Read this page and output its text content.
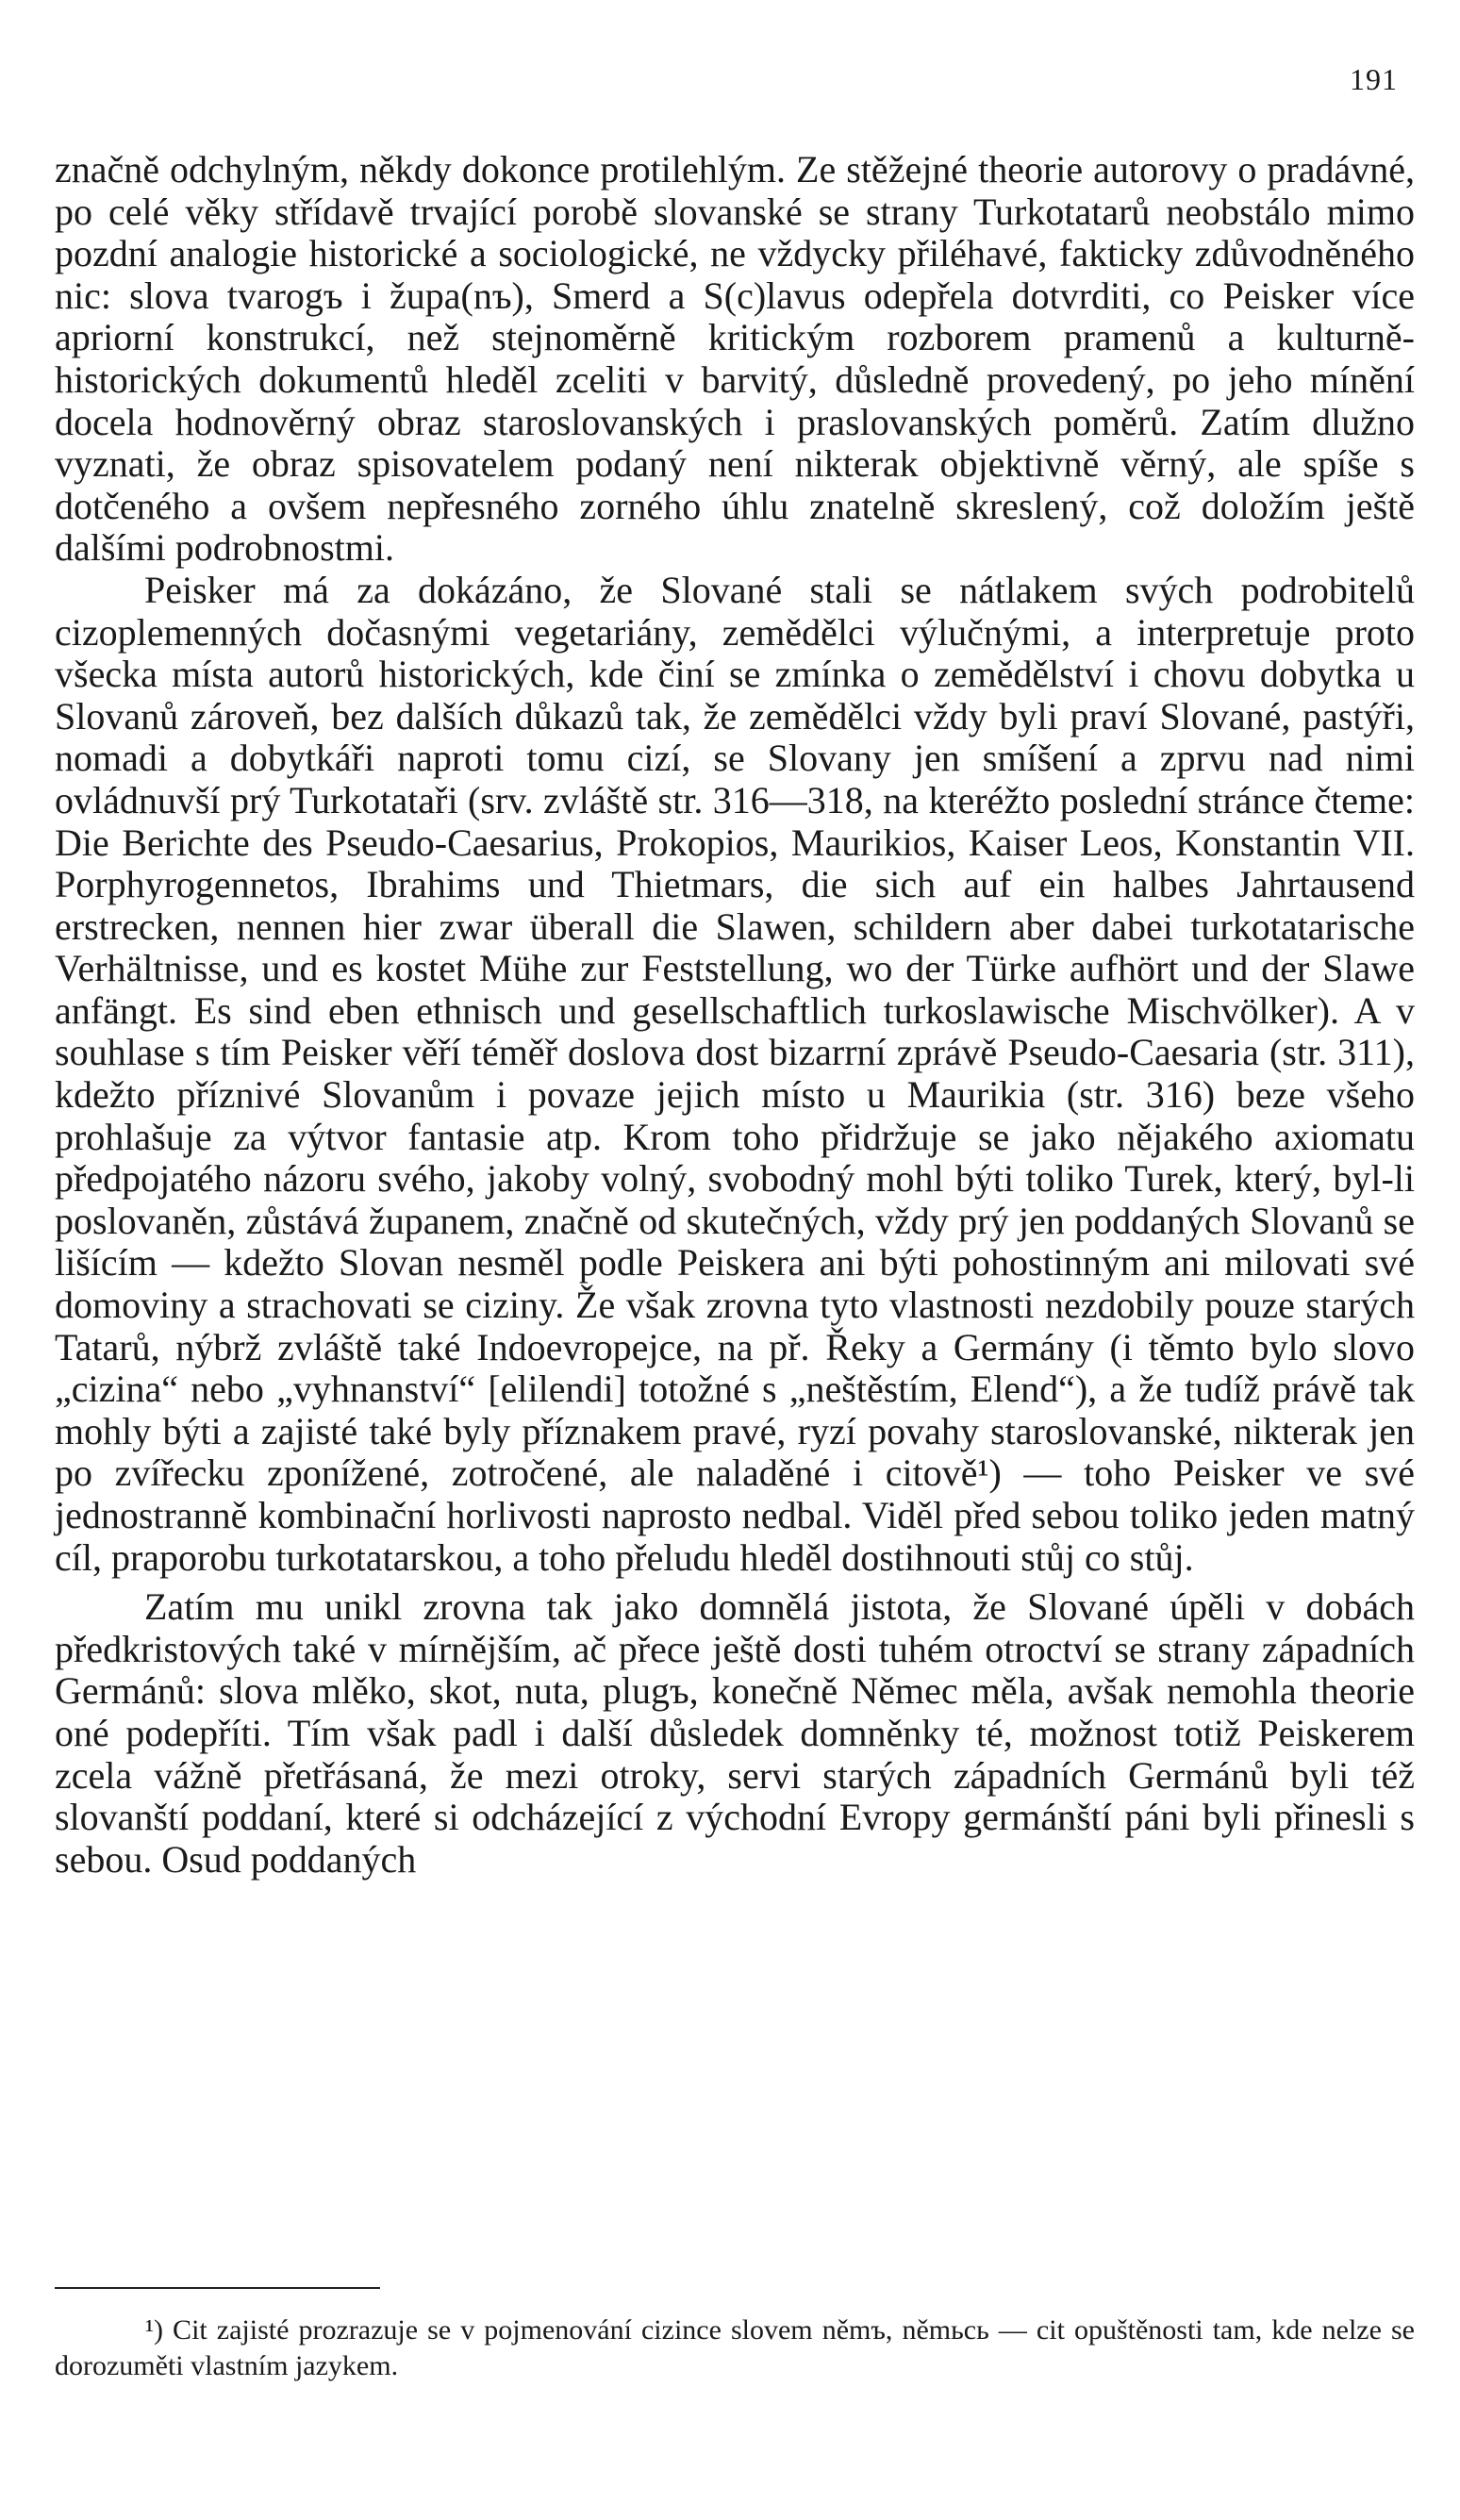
191

značně odchylným, někdy dokonce protilehlým. Ze stěžejné theorie autorovy o pradávné, po celé věky střídavě trvající porobě slovanské se strany Turkotatarů neobstálo mimo pozdní analogie historické a sociologické, ne vždycky přiléhavé, fakticky zdůvodněného nic: slova tvarogъ i župa(nъ), Smerd a S(c)lavus odepřela dotvrditi, co Peisker více apriorní konstrukcí, než stejnoměrně kritickým rozborem pramenů a kulturně-historických dokumentů hleděl zceliti v barvitý, důsledně provedený, po jeho mínění docela hodnověrný obraz staroslovanských i praslovanských poměrů. Zatím dlužno vyznati, že obraz spisovatelem podaný není nikterak objektivně věrný, ale spíše s dotčeného a ovšem nepřesného zorného úhlu znatelně skreslený, což doložím ještě dalšími podrobnostmi.

Peisker má za dokázáno, že Slované stali se nátlakem svých podrobitelů cizoplemenných dočasnými vegetariány, zemědělci výlučnými, a interpretuje proto všecka místa autorů historických, kde činí se zmínka o zemědělství i chovu dobytka u Slovanů zároveň, bez dalších důkazů tak, že zemědělci vždy byli praví Slované, pastýři, nomadi a dobytkáři naproti tomu cizí, se Slovany jen smíšení a zprvu nad nimi ovládnuvší prý Turkotataři (srv. zvláště str. 316—318, na kteréžto poslední stránce čteme: Die Berichte des Pseudo-Caesarius, Prokopios, Maurikios, Kaiser Leos, Konstantin VII. Porphyrogennetos, Ibrahims und Thietmars, die sich auf ein halbes Jahrtausend erstrecken, nennen hier zwar überall die Slawen, schildern aber dabei turkotatarische Verhältnisse, und es kostet Mühe zur Feststellung, wo der Türke aufhört und der Slawe anfängt. Es sind eben ethnisch und gesellschaftlich turkoslawische Mischvölker). A v souhlase s tím Peisker věří téměř doslova dost bizarrní zprávě Pseudo-Caesaria (str. 311), kdežto příznivé Slovanům i povaze jejich místo u Maurikia (str. 316) beze všeho prohlašuje za výtvor fantasie atp. Krom toho přidržuje se jako nějakého axiomatu předpojatého názoru svého, jakoby volný, svobodný mohl býti toliko Turek, který, byl-li poslovaněn, zůstává županem, značně od skutečných, vždy prý jen poddaných Slovanů se lišícím — kdežto Slovan nesměl podle Peiskera ani býti pohostinným ani milovati své domoviny a strachovati se ciziny. Že však zrovna tyto vlastnosti nezdobily pouze starých Tatarů, nýbrž zvláště také Indoevropejce, na př. Řeky a Germány (i těmto bylo slovo „cizina“ nebo „vyhnanství“ [elilendi] totožné s „neštěstím, Elend“), a že tudíž právě tak mohly býti a zajisté také byly příznakem pravé, ryzí povahy staroslovanské, nikterak jen po zvířecku zponížené, zotročené, ale naladěné i citově¹) — toho Peisker ve své jednostranně kombinační horlivosti naprosto nedbal. Viděl před sebou toliko jeden matný cíl, praporobu turkotatarskou, a toho přeludu hleděl dostihnouti stůj co stůj.

Zatím mu unikl zrovna tak jako domnělá jistota, že Slované úpěli v dobách předkristových také v mírnějším, ač přece ještě dosti tuhém otroctví se strany západních Germánů: slova mlěko, skot, nuta, plugъ, konečně Němec měla, avšak nemohla theorie oné podepříti. Tím však padl i další důsledek domněnky té, možnost totiž Peiskerem zcela vážně přetřásaná, že mezi otroky, servi starých západních Germánů byli též slovanští poddaní, které si odcházející z východní Evropy germánští páni byli přinesli s sebou. Osud poddaných

¹) Cit zajisté prozrazuje se v pojmenování cizince slovem němъ, němьсь — cit opuštěnosti tam, kde nelze se dorozuměti vlastním jazykem.
